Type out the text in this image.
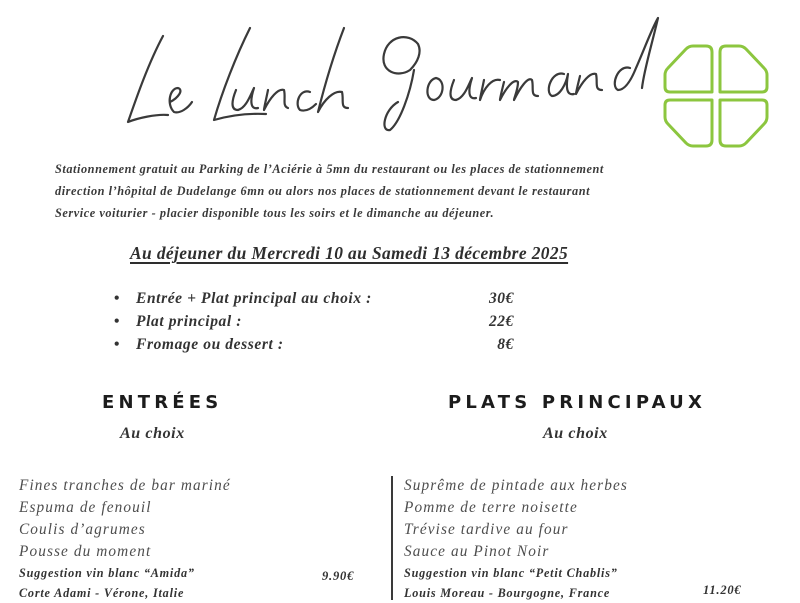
Stationnement gratuit au Parking de l’Aciérie à 5mn du restaurant ou les places de stationnement
direction l’hôpital de Dudelange 6mn ou alors nos places de stationnement devant le restaurant
Service voiturier - placier disponible tous les soirs et le dimanche au déjeuner.
Au déjeuner du Mercredi 10 au Samedi 13 décembre 2025
• Entrée + Plat principal au choix :	30€
• Plat principal :	22€
• Fromage ou dessert :	8€
ENTRÉES
Au choix
PLATS PRINCIPAUX
Au choix
Fines tranches de bar mariné
Espuma de fenouil
Coulis d’agrumes
Pousse du moment
Suggestion vin blanc “Amida”
Corte Adami - Vérone, Italie
9.90€
Suprême de pintade aux herbes
Pomme de terre noisette
Trévise tardive au four
Sauce au Pinot Noir
Suggestion vin blanc “Petit Chablis”
Louis Moreau - Bourgogne, France	11.20€
